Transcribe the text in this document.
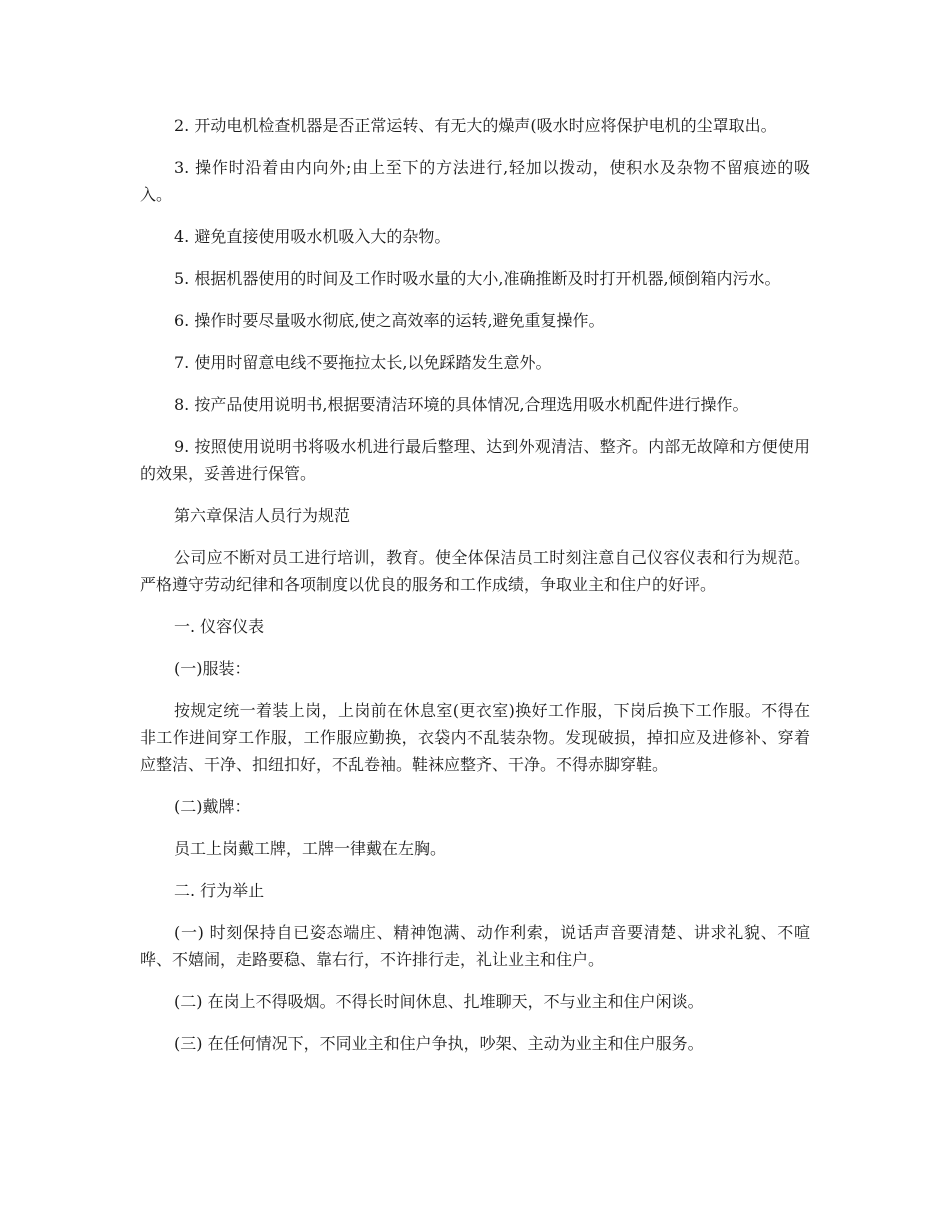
2. 开动电机检查机器是否正常运转、有无大的燥声(吸水时应将保护电机的尘罩取出。

3. 操作时沿着由内向外;由上至下的方法进行,轻加以拨动，使积水及杂物不留痕迹的吸入。

4. 避免直接使用吸水机吸入大的杂物。

5. 根据机器使用的时间及工作时吸水量的大小,准确推断及时打开机器,倾倒箱内污水。

6. 操作时要尽量吸水彻底,使之高效率的运转,避免重复操作。

7. 使用时留意电线不要拖拉太长,以免踩踏发生意外。

8. 按产品使用说明书,根据要清洁环境的具体情况,合理选用吸水机配件进行操作。

9. 按照使用说明书将吸水机进行最后整理、达到外观清洁、整齐。内部无故障和方便使用的效果，妥善进行保管。

第六章保洁人员行为规范

公司应不断对员工进行培训，教育。使全体保洁员工时刻注意自己仪容仪表和行为规范。严格遵守劳动纪律和各项制度以优良的服务和工作成绩，争取业主和住户的好评。

一. 仪容仪表

(一)服装：

按规定统一着装上岗，上岗前在休息室(更衣室)换好工作服，下岗后换下工作服。不得在非工作进间穿工作服，工作服应勤换，衣袋内不乱装杂物。发现破损，掉扣应及进修补、穿着应整洁、干净、扣纽扣好，不乱卷袖。鞋袜应整齐、干净。不得赤脚穿鞋。

(二)戴牌：

员工上岗戴工牌，工牌一律戴在左胸。

二. 行为举止

(一) 时刻保持自已姿态端庄、精神饱满、动作利索，说话声音要清楚、讲求礼貌、不喧哗、不嬉闹，走路要稳、靠右行，不许排行走，礼让业主和住户。

(二) 在岗上不得吸烟。不得长时间休息、扎堆聊天，不与业主和住户闲谈。

(三) 在任何情况下，不同业主和住户争执，吵架、主动为业主和住户服务。
